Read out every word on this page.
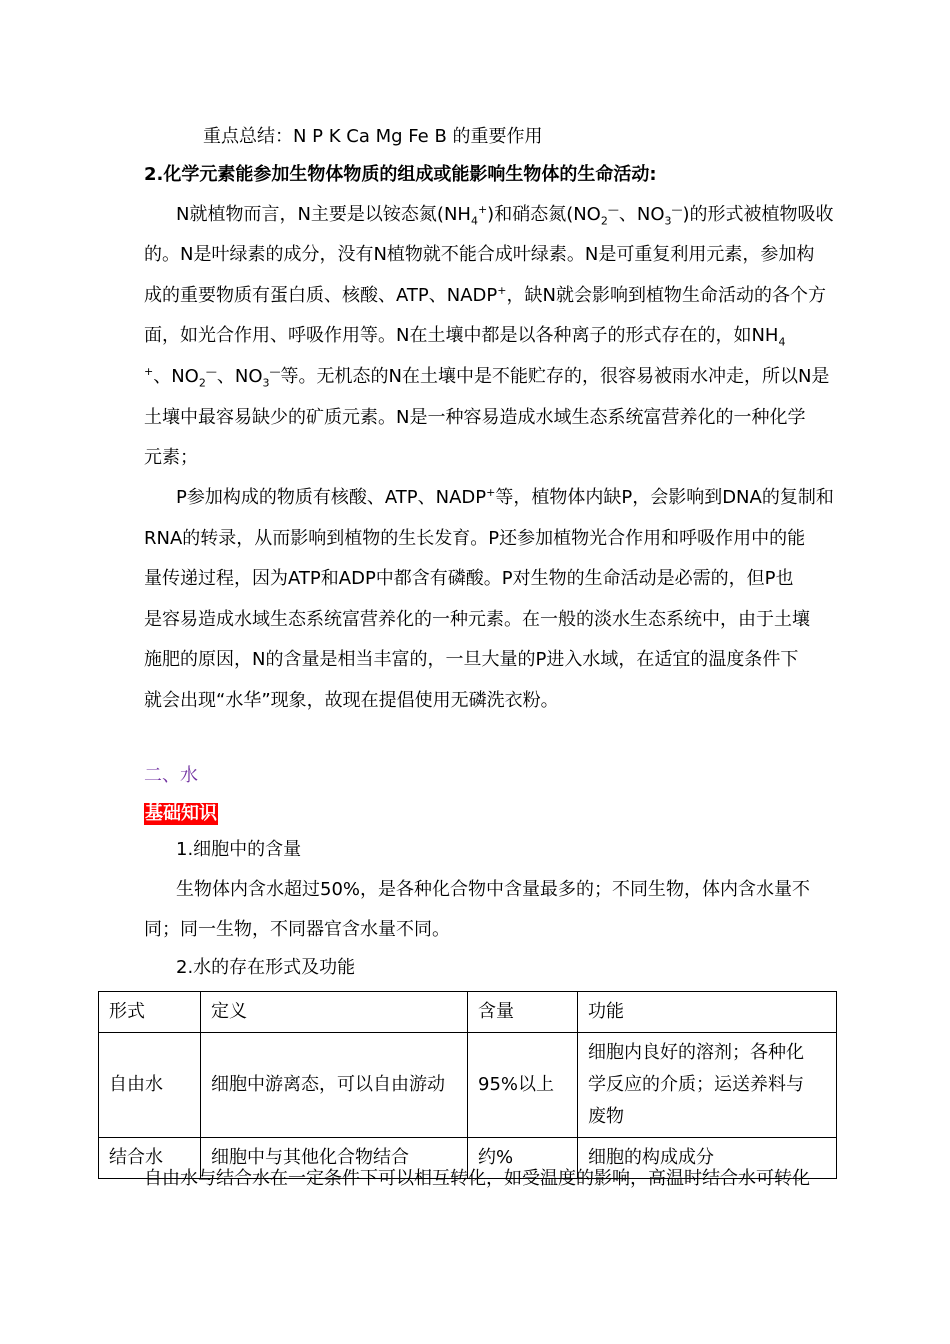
重点总结：N P K Ca Mg Fe B 的重要作用
2.化学元素能参加生物体物质的组成或能影响生物体的生命活动:
N就植物而言，N主要是以铵态氮$(NH_4^+)$和硝态氮($NO_2^—$、$NO_3^—$)的形式被植物吸收
的。N是叶绿素的成分，没有N植物就不能合成叶绿素。N是可重复利用元素，参加构
成的重要物质有蛋白质、核酸、ATP、NADP+，缺N就会影响到植物生命活动的各个方
面，如光合作用、呼吸作用等。N在土壤中都是以各种离子的形式存在的，如$NH_4$
+、$NO_2^—$、$NO_3^—$等。无机态的N在土壤中是不能贮存的，很容易被雨水冲走，所以N是
土壤中最容易缺少的矿质元素。N是一种容易造成水域生态系统富营养化的一种化学
元素；
P参加构成的物质有核酸、ATP、NADP+等，植物体内缺P，会影响到DNA的复制和
RNA的转录，从而影响到植物的生长发育。P还参加植物光合作用和呼吸作用中的能
量传递过程，因为ATP和ADP中都含有磷酸。P对生物的生命活动是必需的，但P也
是容易造成水域生态系统富营养化的一种元素。在一般的淡水生态系统中，由于土壤
施肥的原因，N的含量是相当丰富的，一旦大量的P进入水域，在适宜的温度条件下
就会出现“水华”现象，故现在提倡使用无磷洗衣粉。
二、水
基础知识
1.细胞中的含量
生物体内含水超过50%，是各种化合物中含量最多的；不同生物，体内含水量不
同；同一生物，不同器官含水量不同。
2.水的存在形式及功能
形式	定义	含量	功能
自由水	细胞中游离态，可以自由游动	95%以上	细胞内良好的溶剂；各种化
学反应的介质；运送养料与
废物

结合水	细胞中与其他化合物结合	约%	细胞的构成成分
自由水与结合水在一定条件下可以相互转化，如受温度的影响，高温时结合水可转化
